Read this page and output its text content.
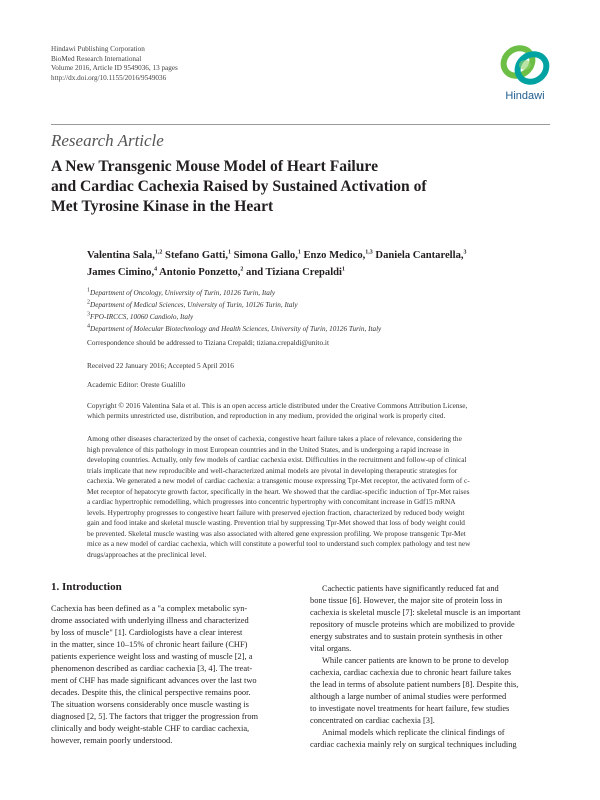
Hindawi Publishing Corporation
BioMed Research International
Volume 2016, Article ID 9549036, 13 pages
http://dx.doi.org/10.1155/2016/9549036
Hindawi
Research Article
A New Transgenic Mouse Model of Heart Failure
and Cardiac Cachexia Raised by Sustained Activation of
Met Tyrosine Kinase in the Heart
Valentina Sala,$^{1,2}$ Stefano Gatti,$^1$ Simona Gallo,$^1$ Enzo Medico,$^{1,3}$ Daniela Cantarella,$^3$
James Cimino,$^4$ Antonio Ponzetto,$^2$ and Tiziana Crepaldi$^1$
$^1$Department of Oncology, University of Turin, 10126 Turin, Italy
$^2$Department of Medical Sciences, University of Turin, 10126 Turin, Italy
$^3$FPO-IRCCS, 10060 Candiolo, Italy
$^4$Department of Molecular Biotechnology and Health Sciences, University of Turin, 10126 Turin, Italy
Correspondence should be addressed to Tiziana Crepaldi; tiziana.crepaldi@unito.it
Received 22 January 2016; Accepted 5 April 2016
Academic Editor: Oreste Gualillo
Copyright © 2016 Valentina Sala et al. This is an open access article distributed under the Creative Commons Attribution License,
which permits unrestricted use, distribution, and reproduction in any medium, provided the original work is properly cited.
Among other diseases characterized by the onset of cachexia, congestive heart failure takes a place of relevance, considering the
high prevalence of this pathology in most European countries and in the United States, and is undergoing a rapid increase in
developing countries. Actually, only few models of cardiac cachexia exist. Difficulties in the recruitment and follow-up of clinical
trials implicate that new reproducible and well-characterized animal models are pivotal in developing therapeutic strategies for
cachexia. We generated a new model of cardiac cachexia: a transgenic mouse expressing Tpr-Met receptor, the activated form of c-
Met receptor of hepatocyte growth factor, specifically in the heart. We showed that the cardiac-specific induction of Tpr-Met raises
a cardiac hypertrophic remodelling, which progresses into concentric hypertrophy with concomitant increase in Gdf15 mRNA
levels. Hypertrophy progresses to congestive heart failure with preserved ejection fraction, characterized by reduced body weight
gain and food intake and skeletal muscle wasting. Prevention trial by suppressing Tpr-Met showed that loss of body weight could
be prevented. Skeletal muscle wasting was also associated with altered gene expression profiling. We propose transgenic Tpr-Met
mice as a new model of cardiac cachexia, which will constitute a powerful tool to understand such complex pathology and test new
drugs/approaches at the preclinical level.
1. Introduction
Cachexia has been defined as a "a complex metabolic syn-
drome associated with underlying illness and characterized
by loss of muscle" [1]. Cardiologists have a clear interest
in the matter, since 10–15% of chronic heart failure (CHF)
patients experience weight loss and wasting of muscle [2], a
phenomenon described as cardiac cachexia [3, 4]. The treat-
ment of CHF has made significant advances over the last two
decades. Despite this, the clinical perspective remains poor.
The situation worsens considerably once muscle wasting is
diagnosed [2, 5]. The factors that trigger the progression from
clinically and body weight-stable CHF to cardiac cachexia,
however, remain poorly understood.
Cachectic patients have significantly reduced fat and
bone tissue [6]. However, the major site of protein loss in
cachexia is skeletal muscle [7]: skeletal muscle is an important
repository of muscle proteins which are mobilized to provide
energy substrates and to sustain protein synthesis in other
vital organs.
While cancer patients are known to be prone to develop
cachexia, cardiac cachexia due to chronic heart failure takes
the lead in terms of absolute patient numbers [8]. Despite this,
although a large number of animal studies were performed
to investigate novel treatments for heart failure, few studies
concentrated on cardiac cachexia [3].
Animal models which replicate the clinical findings of
cardiac cachexia mainly rely on surgical techniques including
